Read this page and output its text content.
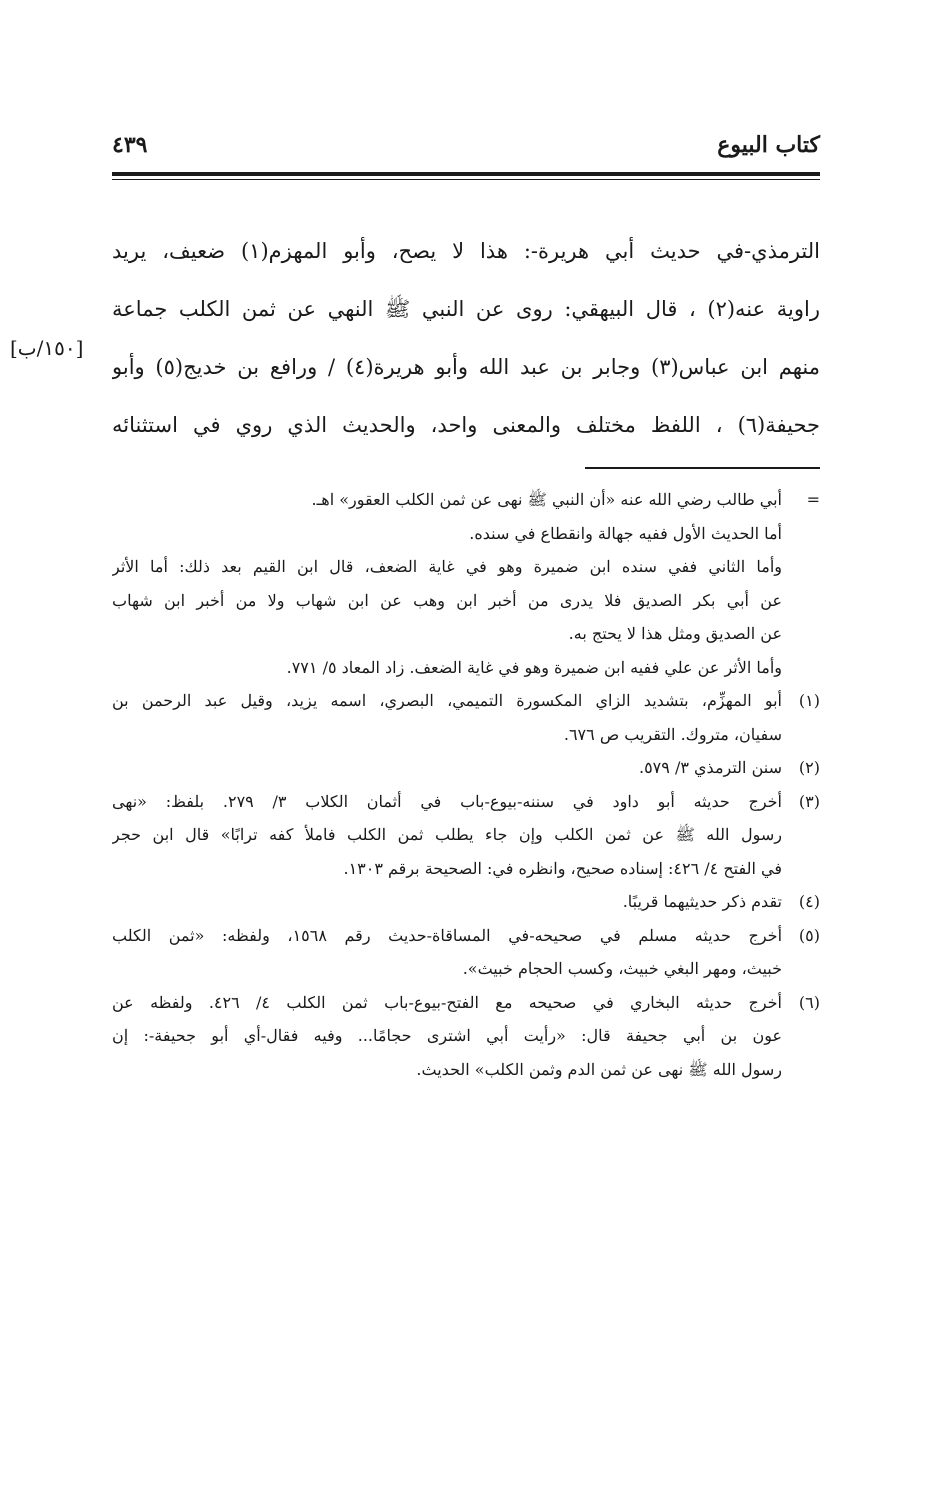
كتاب البيوع
٤٣٩
الترمذي-في حديث أبي هريرة-: هذا لا يصح، وأبو المهزم(١) ضعيف، يريد
راوية عنه(٢) ، قال البيهقي: روى عن النبي ﷺ النهي عن ثمن الكلب جماعة
منهم ابن عباس(٣) وجابر بن عبد الله وأبو هريرة(٤) / ورافع بن خديج(٥) وأبو
جحيفة(٦) ، اللفظ مختلف والمعنى واحد، والحديث الذي روي في استثنائه
[١٥٠/ب]
=
أبي طالب رضي الله عنه «أن النبي ﷺ نهى عن ثمن الكلب العقور» اهـ.
أما الحديث الأول ففيه جهالة وانقطاع في سنده.
وأما الثاني ففي سنده ابن ضميرة وهو في غاية الضعف، قال ابن القيم بعد ذلك: أما الأثر
عن أبي بكر الصديق فلا يدرى من أخبر ابن وهب عن ابن شهاب ولا من أخبر ابن شهاب
عن الصديق ومثل هذا لا يحتج به.
وأما الأثر عن علي ففيه ابن ضميرة وهو في غاية الضعف. زاد المعاد ٥/ ٧٧١.
(١)
أبو المهزِّم، بتشديد الزاي المكسورة التميمي، البصري، اسمه يزيد، وقيل عبد الرحمن بن
سفيان، متروك. التقريب ص ٦٧٦.
(٢)
سنن الترمذي ٣/ ٥٧٩.
(٣)
أخرج حديثه أبو داود في سننه-بيوع-باب في أثمان الكلاب ٣/ ٢٧٩. بلفظ: «نهى
رسول الله ﷺ عن ثمن الكلب وإن جاء يطلب ثمن الكلب فاملأ كفه ترابًا» قال ابن حجر
في الفتح ٤/ ٤٢٦: إسناده صحيح، وانظره في: الصحيحة برقم ١٣٠٣.
(٤)
تقدم ذكر حديثيهما قريبًا.
(٥)
أخرج حديثه مسلم في صحيحه-في المساقاة-حديث رقم ١٥٦٨، ولفظه: «ثمن الكلب
خبيث، ومهر البغي خبيث، وكسب الحجام خبيث».
(٦)
أخرج حديثه البخاري في صحيحه مع الفتح-بيوع-باب ثمن الكلب ٤/ ٤٢٦. ولفظه عن
عون بن أبي جحيفة قال: «رأيت أبي اشترى حجامًا... وفيه فقال-أي أبو جحيفة-: إن
رسول الله ﷺ نهى عن ثمن الدم وثمن الكلب» الحديث.
